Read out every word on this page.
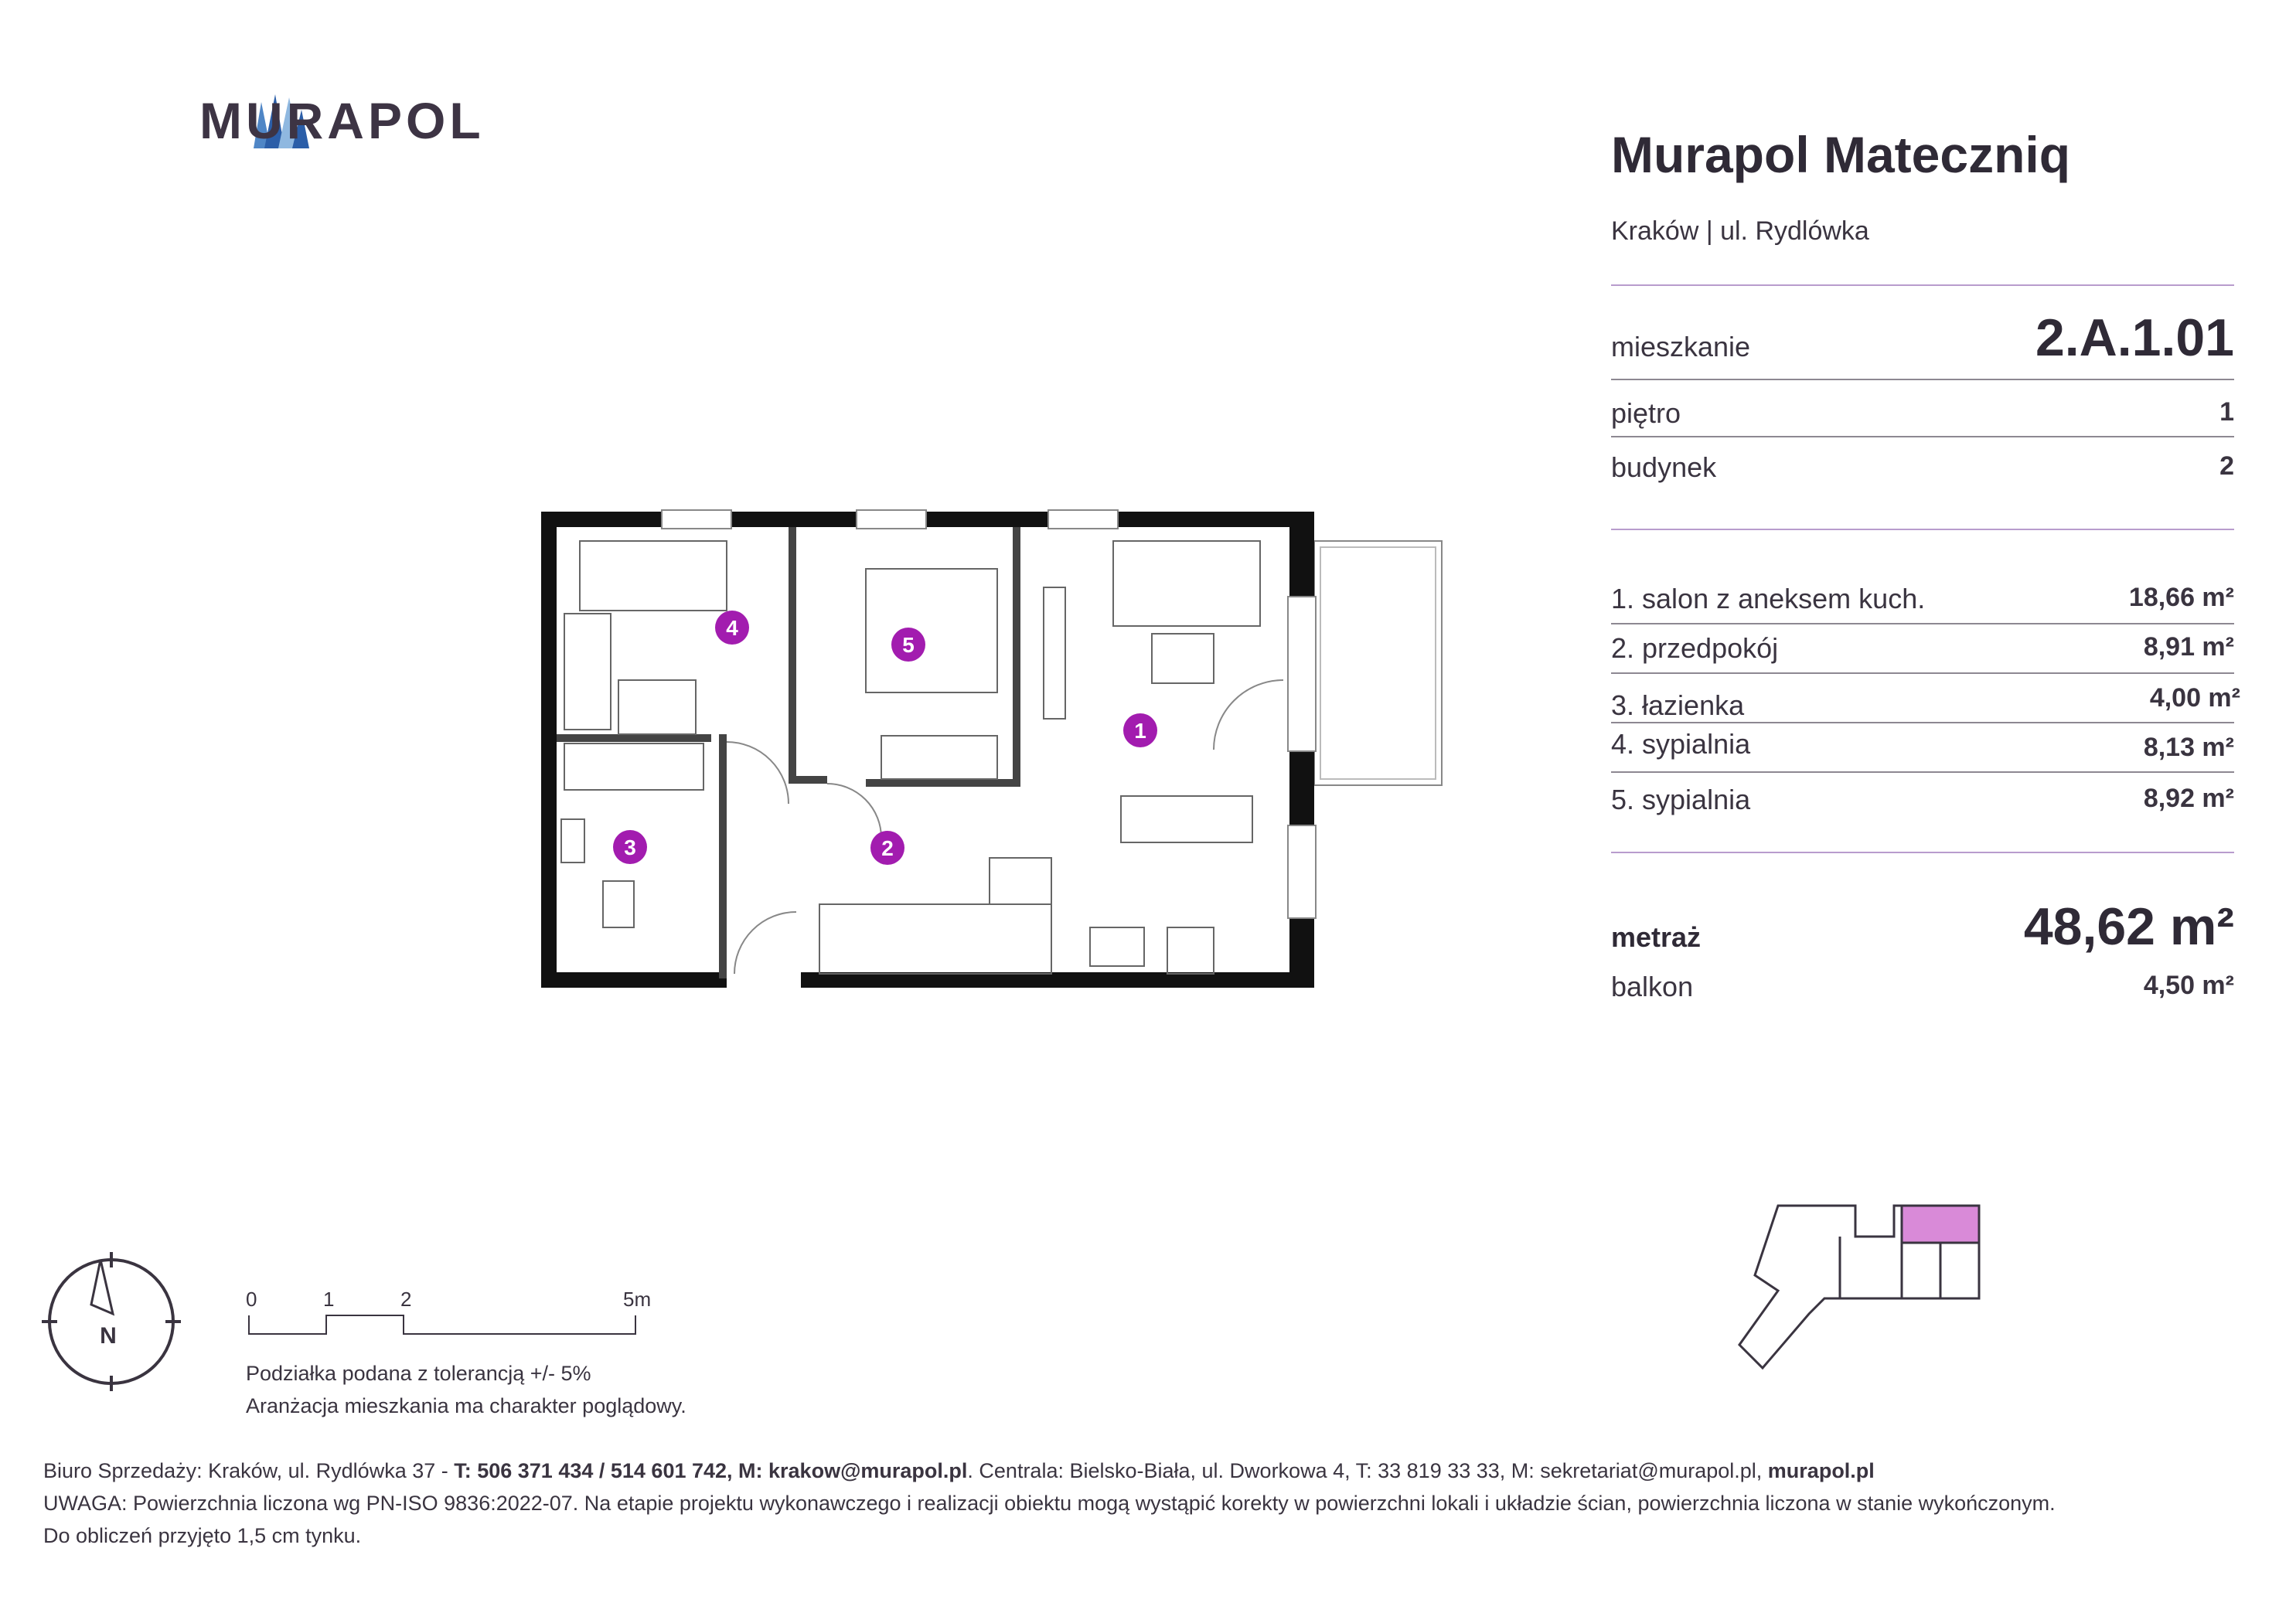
MURAPOL
Murapol Mateczniq
Kraków | ul. Rydlówka
mieszkanie	2.A.1.01
piętro	1
budynek	2
1. salon z aneksem kuch.	18,66 m²
2. przedpokój	8,91 m²
3. łazienka	4,00 m²
4. sypialnia	8,13 m²
5. sypialnia	8,92 m²
metraż	48,62 m²
balkon	4,50 m²
4
5
1
2
3
N
0	1	2	5m
Podziałka podana z tolerancją +/- 5%
Aranżacja mieszkania ma charakter poglądowy.
Biuro Sprzedaży: Kraków, ul. Rydlówka 37 - T: 506 371 434 / 514 601 742, M: krakow@murapol.pl. Centrala: Bielsko-Biała, ul. Dworkowa 4, T: 33 819 33 33, M: sekretariat@murapol.pl, murapol.pl
UWAGA: Powierzchnia liczona wg PN-ISO 9836:2022-07. Na etapie projektu wykonawczego i realizacji obiektu mogą wystąpić korekty w powierzchni lokali i układzie ścian, powierzchnia liczona w stanie wykończonym.
Do obliczeń przyjęto 1,5 cm tynku.
